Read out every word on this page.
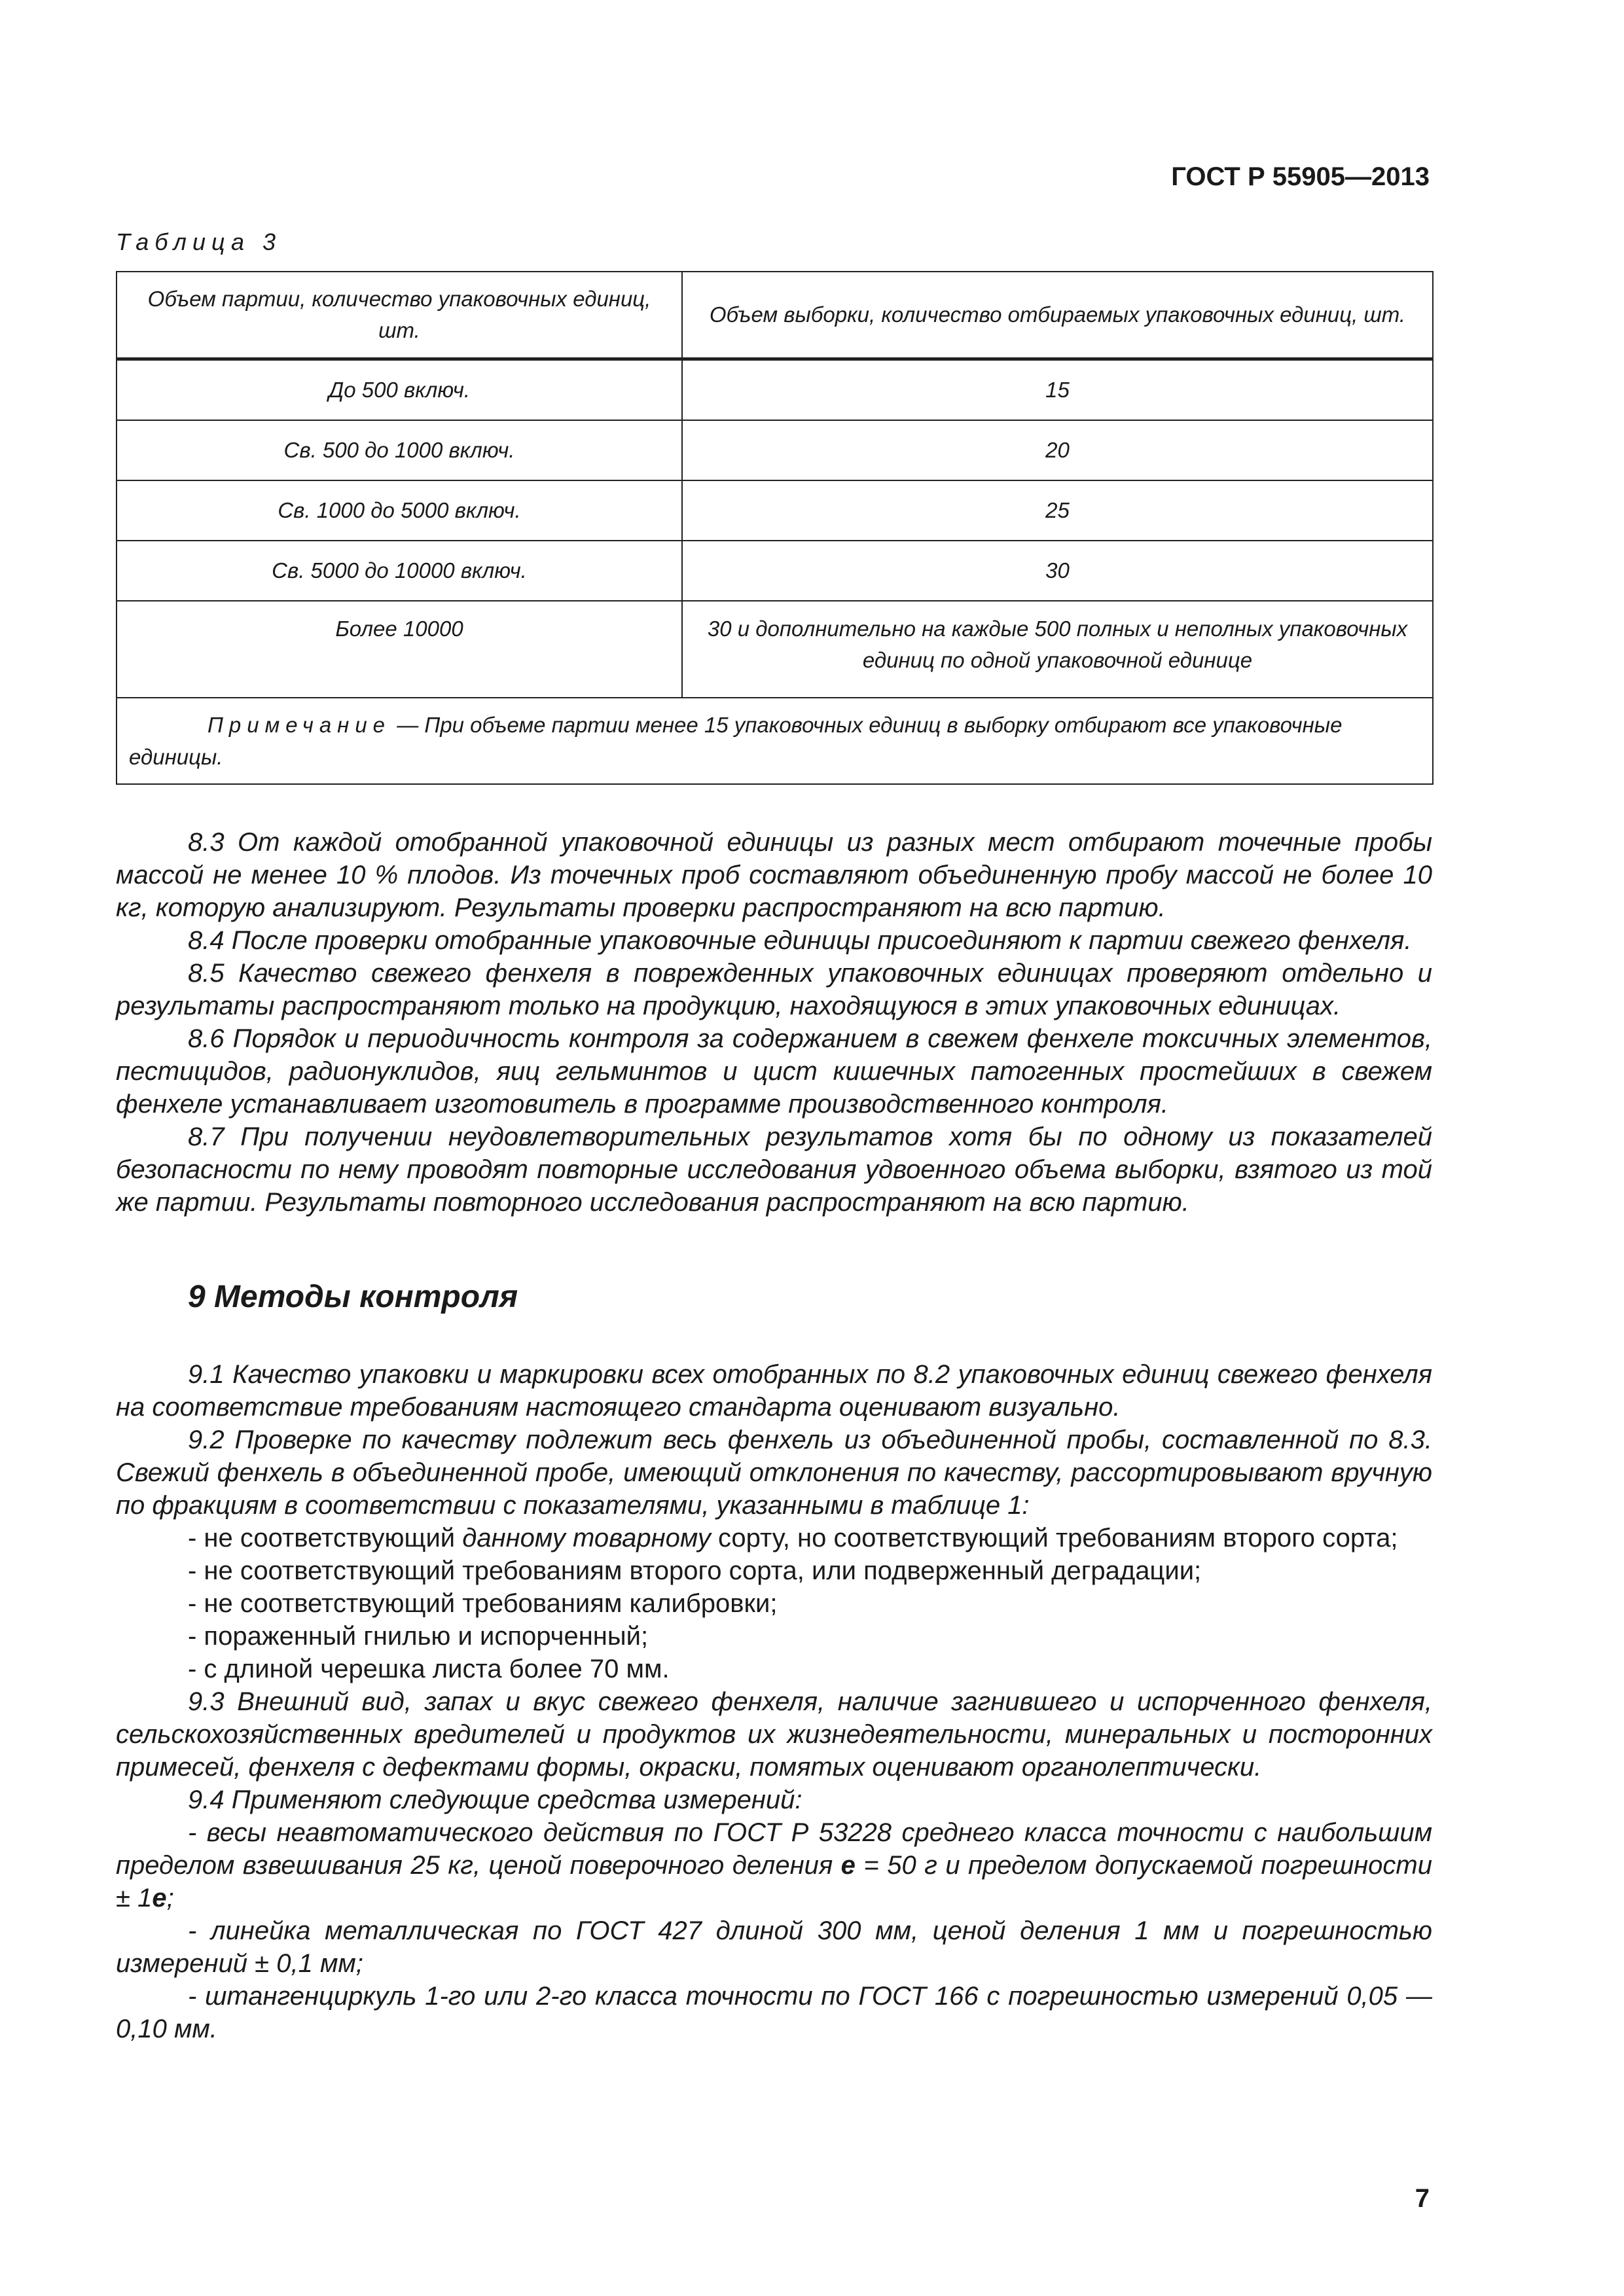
ГОСТ Р 55905—2013
Таблица 3
Объем партии, количество упаковочных единиц, шт.	Объем выборки, количество отбираемых упаковочных единиц, шт.
До 500 включ.	15
Св. 500 до 1000 включ.	20
Св. 1000 до 5000 включ.	25
Св. 5000 до 10000 включ.	30
Более 10000	30 и дополнительно на каждые 500 полных и неполных упаковочных единиц по одной упаковочной единице
Примечание — При объеме партии менее 15 упаковочных единиц в выборку отбирают все упаковочные единицы.	

8.3 От каждой отобранной упаковочной единицы из разных мест отбирают точечные пробы массой не менее 10 % плодов. Из точечных проб составляют объединенную пробу массой не более 10 кг, которую анализируют. Результаты проверки распространяют на всю партию.

8.4 После проверки отобранные упаковочные единицы присоединяют к партии свежего фенхеля.

8.5 Качество свежего фенхеля в поврежденных упаковочных единицах проверяют отдельно и результаты распространяют только на продукцию, находящуюся в этих упаковочных единицах.

8.6 Порядок и периодичность контроля за содержанием в свежем фенхеле токсичных элементов, пестицидов, радионуклидов, яиц гельминтов и цист кишечных патогенных простейших в свежем фенхеле устанавливает изготовитель в программе производственного контроля.

8.7 При получении неудовлетворительных результатов хотя бы по одному из показателей безопасности по нему проводят повторные исследования удвоенного объема выборки, взятого из той же партии. Результаты повторного исследования распространяют на всю партию.

9 Методы контроля

9.1 Качество упаковки и маркировки всех отобранных по 8.2 упаковочных единиц свежего фенхеля на соответствие требованиям настоящего стандарта оценивают визуально.

9.2 Проверке по качеству подлежит весь фенхель из объединенной пробы, составленной по 8.3. Свежий фенхель в объединенной пробе, имеющий отклонения по качеству, рассортировывают вручную по фракциям в соответствии с показателями, указанными в таблице 1:

- не соответствующий данному товарному сорту, но соответствующий требованиям второго сорта;

- не соответствующий требованиям второго сорта, или подверженный деградации;

- не соответствующий требованиям калибровки;

- пораженный гнилью и испорченный;

- с длиной черешка листа более 70 мм.

9.3 Внешний вид, запах и вкус свежего фенхеля, наличие загнившего и испорченного фенхеля, сельскохозяйственных вредителей и продуктов их жизнедеятельности, минеральных и посторонних примесей, фенхеля с дефектами формы, окраски, помятых оценивают органолептически.

9.4 Применяют следующие средства измерений:

- весы неавтоматического действия по ГОСТ Р 53228 среднего класса точности с наибольшим пределом взвешивания 25 кг, ценой поверочного деления е = 50 г и пределом допускаемой погрешности ± 1е;

- линейка металлическая по ГОСТ 427 длиной 300 мм, ценой деления 1 мм и погрешностью измерений ± 0,1 мм;

- штангенциркуль 1-го или 2-го класса точности по ГОСТ 166 с погрешностью измерений 0,05 — 0,10 мм.

7
